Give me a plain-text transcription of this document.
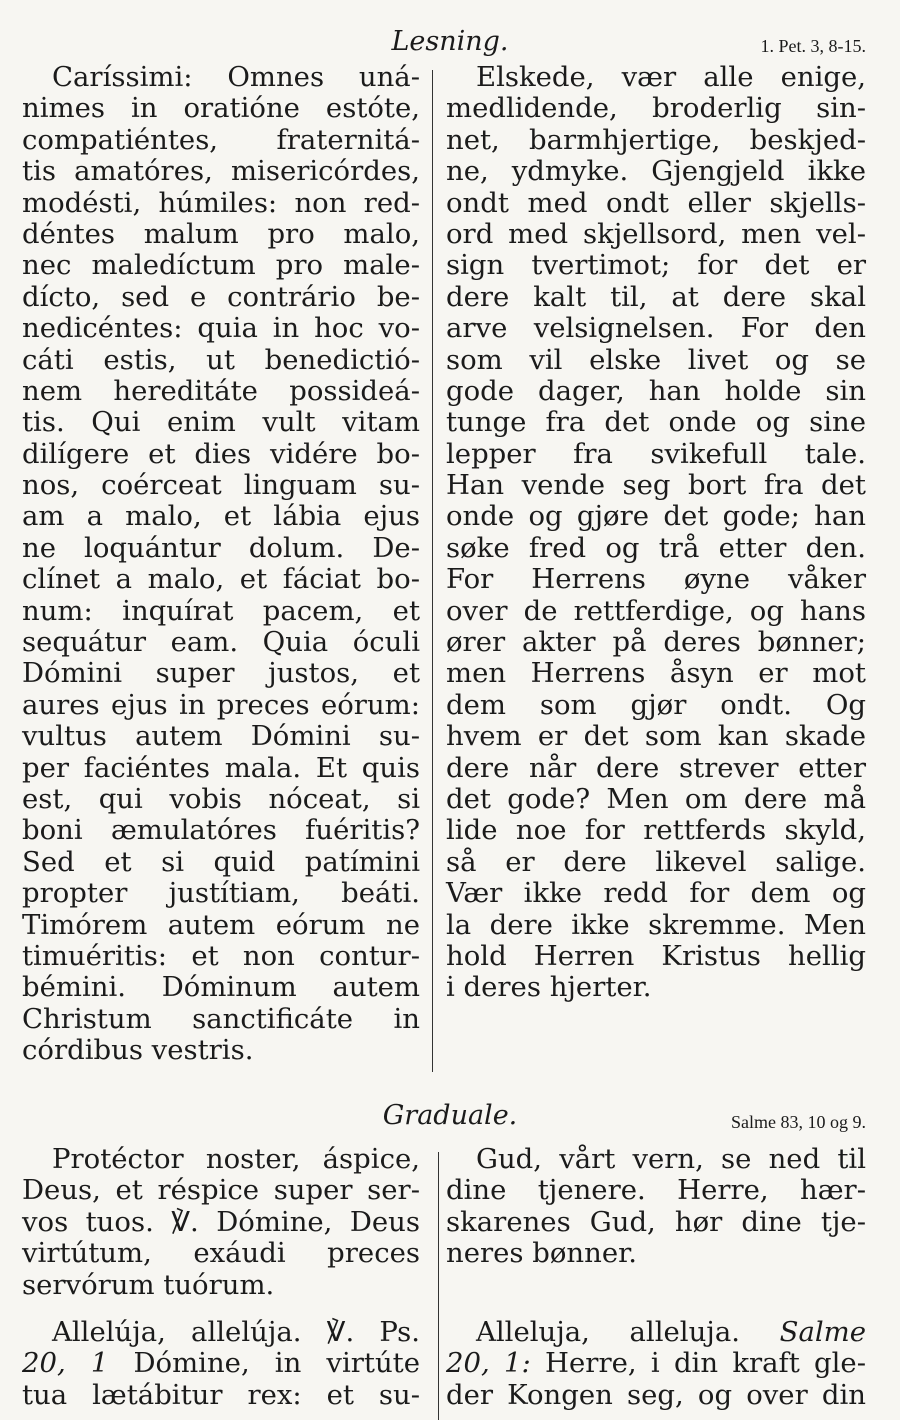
Lesning.	1. Pet. 3, 8-15.
Caríssimi: Omnes uná-
nimes in oratióne estóte,
compatiéntes, fraternitá-
tis amatóres, misericórdes,
modésti, húmiles: non red-
déntes malum pro malo,
nec maledíctum pro male-
dícto, sed e contrário be-
nedicéntes: quia in hoc vo-
cáti estis, ut benedictió-
nem hereditáte possideá-
tis. Qui enim vult vitam
dilígere et dies vidére bo-
nos, coérceat linguam su-
am a malo, et lábia ejus
ne loquántur dolum. De-
clínet a malo, et fáciat bo-
num: inquírat pacem, et
sequátur eam. Quia óculi
Dómini super justos, et
aures ejus in preces eórum:
vultus autem Dómini su-
per faciéntes mala. Et quis
est, qui vobis nóceat, si
boni æmulatóres fuéritis?
Sed et si quid patímini
propter justítiam, beáti.
Timórem autem eórum ne
timuéritis: et non contur-
bémini. Dóminum autem
Christum sanctificáte in
córdibus vestris.
Elskede, vær alle enige,
medlidende, broderlig sin-
net, barmhjertige, beskjed-
ne, ydmyke. Gjengjeld ikke
ondt med ondt eller skjells-
ord med skjellsord, men vel-
sign tvertimot; for det er
dere kalt til, at dere skal
arve velsignelsen. For den
som vil elske livet og se
gode dager, han holde sin
tunge fra det onde og sine
lepper fra svikefull tale.
Han vende seg bort fra det
onde og gjøre det gode; han
søke fred og trå etter den.
For Herrens øyne våker
over de rettferdige, og hans
ører akter på deres bønner;
men Herrens åsyn er mot
dem som gjør ondt. Og
hvem er det som kan skade
dere når dere strever etter
det gode? Men om dere må
lide noe for rettferds skyld,
så er dere likevel salige.
Vær ikke redd for dem og
la dere ikke skremme. Men
hold Herren Kristus hellig
i deres hjerter.
Graduale.	Salme 83, 10 og 9.
Protéctor noster, áspice,
Deus, et réspice super ser-
vos tuos. ℣. Dómine, Deus
virtútum, exáudi preces
servórum tuórum.
Allelúja, allelúja. ℣. Ps.
20, 1 Dómine, in virtúte
tua lætábitur rex: et su-
Gud, vårt vern, se ned til
dine tjenere. Herre, hær-
skarenes Gud, hør dine tje-
neres bønner.
Alleluja, alleluja. Salme
20, 1: Herre, i din kraft gle-
der Kongen seg, og over din
